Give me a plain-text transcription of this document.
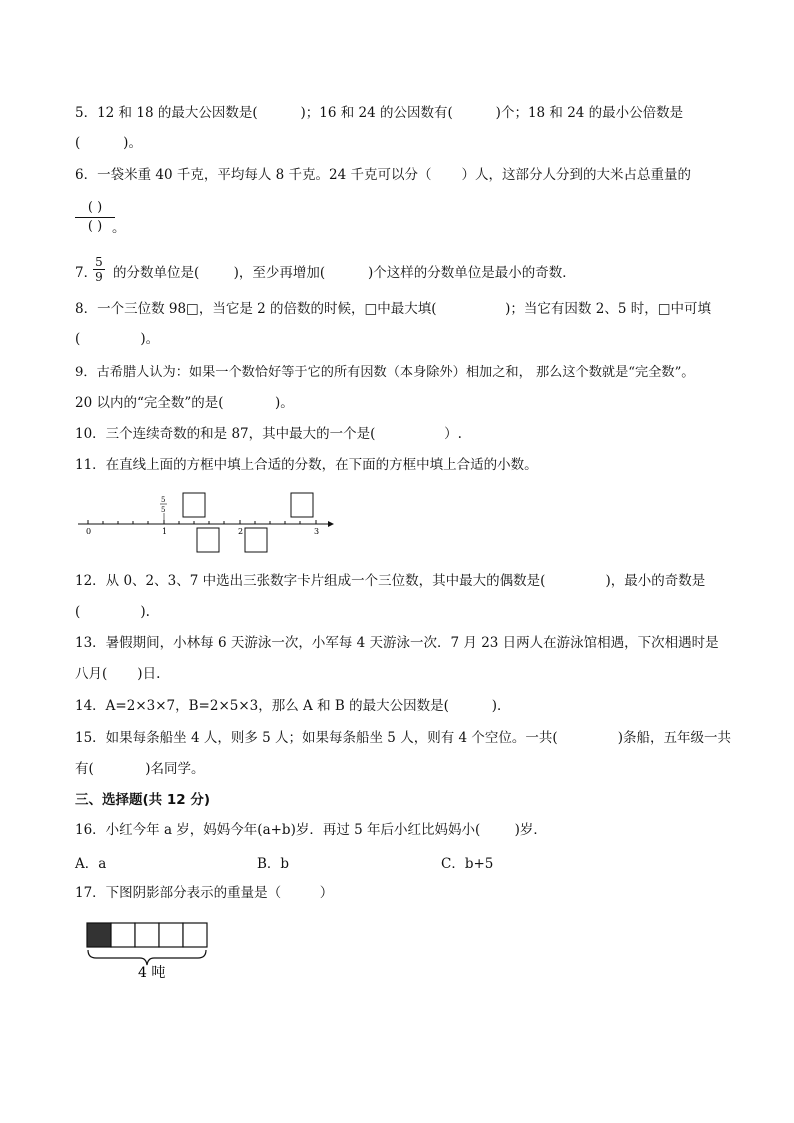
5．12 和 18 的最大公因数是(          )；16 和 24 的公因数有(          )个；18 和 24 的最小公倍数是
(          )。
6．一袋米重 40 千克，平均每人 8 千克。24 千克可以分（       ）人，这部分人分到的大米占总重量的
( )
( ) 。
7．
5
9 的分数单位是(        )，至少再增加(          )个这样的分数单位是最小的奇数．
8．一个三位数 98□，当它是 2 的倍数的时候，□中最大填(                )；当它有因数 2、5 时，□中可填
(              )。
9．古希腊人认为：如果一个数恰好等于它的所有因数（本身除外）相加之和， 那么这个数就是“完全数”。
20 以内的“完全数”的是(            )。
10．三个连续奇数的和是 87，其中最大的一个是(                ）.
11．在直线上面的方框中填上合适的分数，在下面的方框中填上合适的小数。
0	1	2	3
5
5
12．从 0、2、3、7 中选出三张数字卡片组成一个三位数，其中最大的偶数是(              )，最小的奇数是
(              ).
13．暑假期间，小林每 6 天游泳一次，小军每 4 天游泳一次．7 月 23 日两人在游泳馆相遇，下次相遇时是
八月(       )日.
14．A=2×3×7，B=2×5×3，那么 A 和 B 的最大公因数是(          )．
15．如果每条船坐 4 人，则多 5 人；如果每条船坐 5 人，则有 4 个空位。一共(              )条船，五年级一共
有(            )名同学。
三、选择题(共 12 分)
16．小红今年 a 岁，妈妈今年(a+b)岁．再过 5 年后小红比妈妈小(        )岁．
A．a	B．b	C．b+5
17．下图阴影部分表示的重量是（         ）
4 吨
